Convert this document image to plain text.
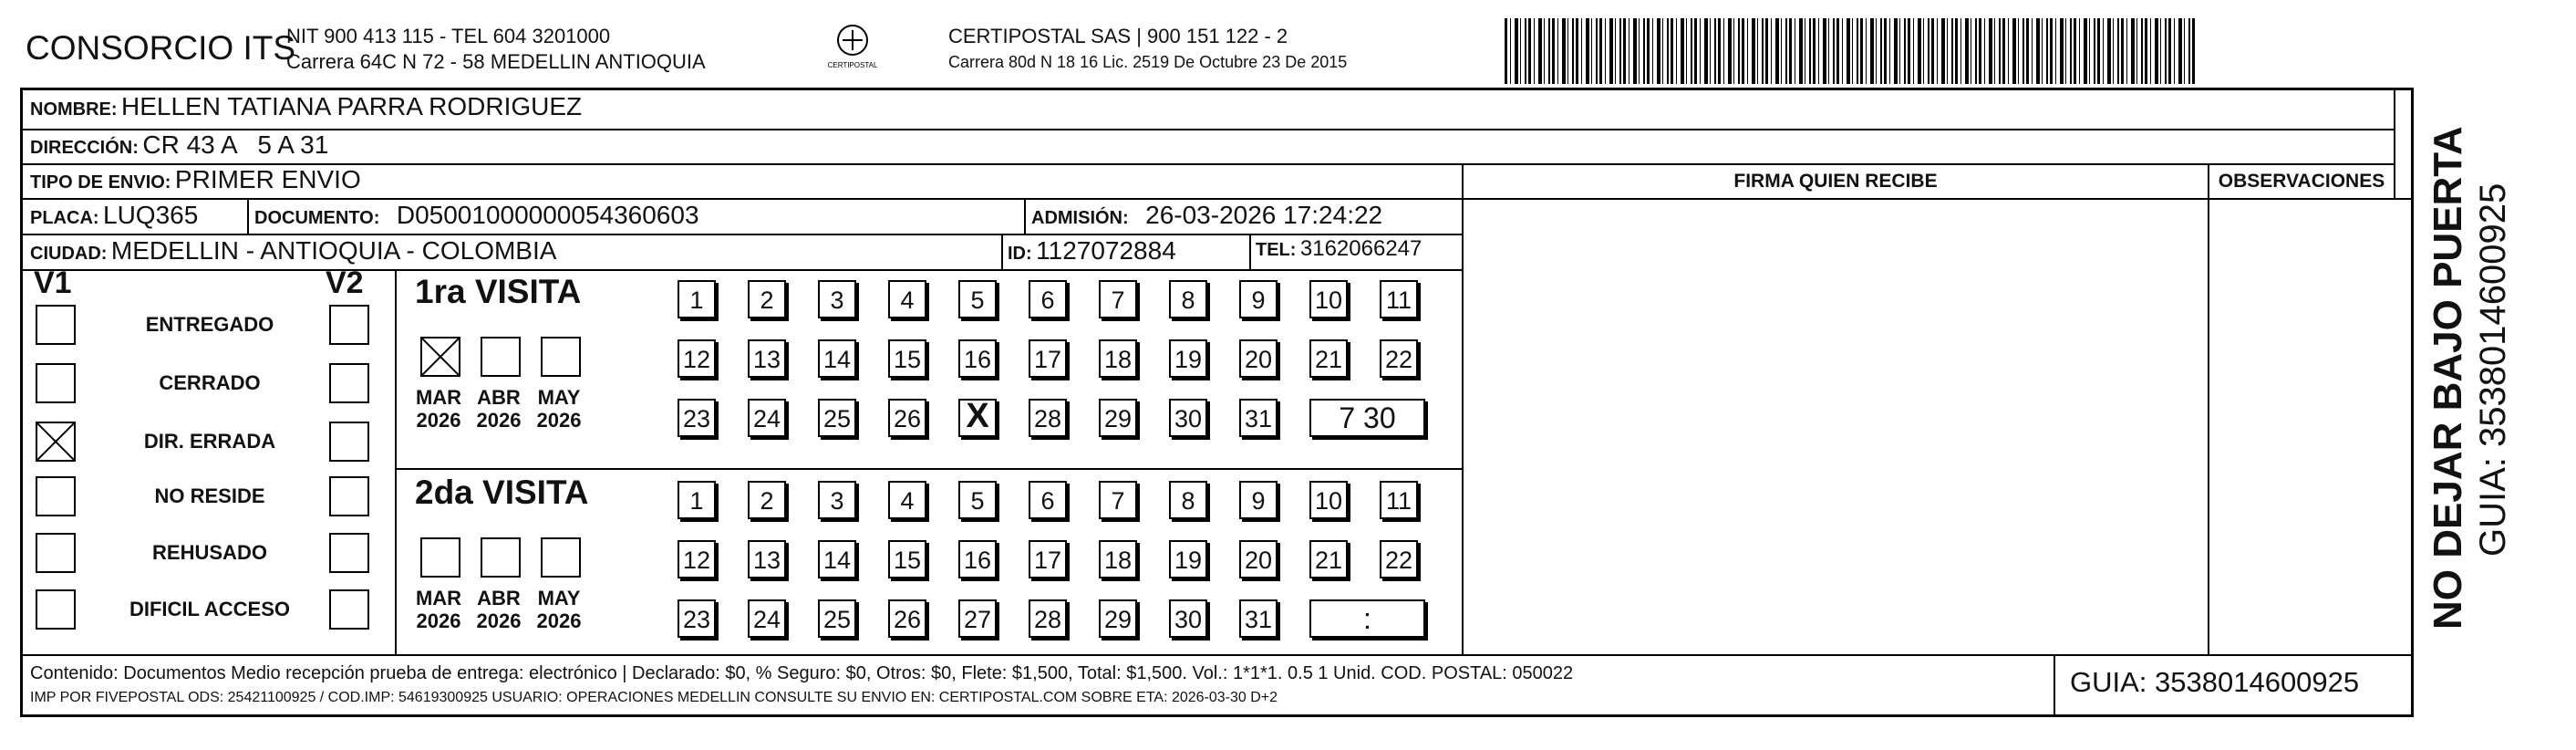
CONSORCIO ITS
NIT 900 413 115 - TEL 604 3201000
Carrera 64C N 72 - 58 MEDELLIN ANTIOQUIA	CERTIPOSTAL
CERTIPOSTAL SAS | 900 151 122 - 2
Carrera 80d N 18 16 Lic. 2519 De Octubre 23 De 2015
NOMBRE: HELLEN TATIANA PARRA RODRIGUEZ
DIRECCIÓN: CR 43 A   5 A 31
TIPO DE ENVIO: PRIMER ENVIO	FIRMA QUIEN RECIBE	OBSERVACIONES
PLACA: LUQ365	DOCUMENTO: D05001000000054360603	ADMISIÓN: 26-03-2026 17:24:22
CIUDAD: MEDELLIN - ANTIOQUIA - COLOMBIA	ID: 1127072884	TEL: 3162066247
V1	V2
ENTREGADO
CERRADO
DIR. ERRADA
NO RESIDE
REHUSADO
DIFICIL ACCESO
1ra VISITA
MAR
2026
ABR
2026
MAY
2026
1	2	3	4	5	6	7	8	9	10 11
12 13 14 15 16 17 18 19 20 21 22
23 24 25 26
X	28 29 30 31	7 30
2da VISITA
MAR
2026
ABR
2026
MAY
2026
1	2	3	4	5	6	7	8	9	10 11
12 13 14 15 16 17 18 19 20 21 22
23 24 25 26 27 28 29 30 31	:
Contenido: Documentos Medio recepción prueba de entrega: electrónico | Declarado: $0, % Seguro: $0, Otros: $0, Flete: $1,500, Total: $1,500. Vol.: 1*1*1. 0.5 1 Unid. COD. POSTAL: 050022
IMP POR FIVEPOSTAL ODS: 25421100925 / COD.IMP: 54619300925 USUARIO: OPERACIONES MEDELLIN CONSULTE SU ENVIO EN: CERTIPOSTAL.COM SOBRE ETA: 2026-03-30 D+2	GUIA: 3538014600925
NO DEJAR BAJO PUERTA GUIA: 3538014600925
